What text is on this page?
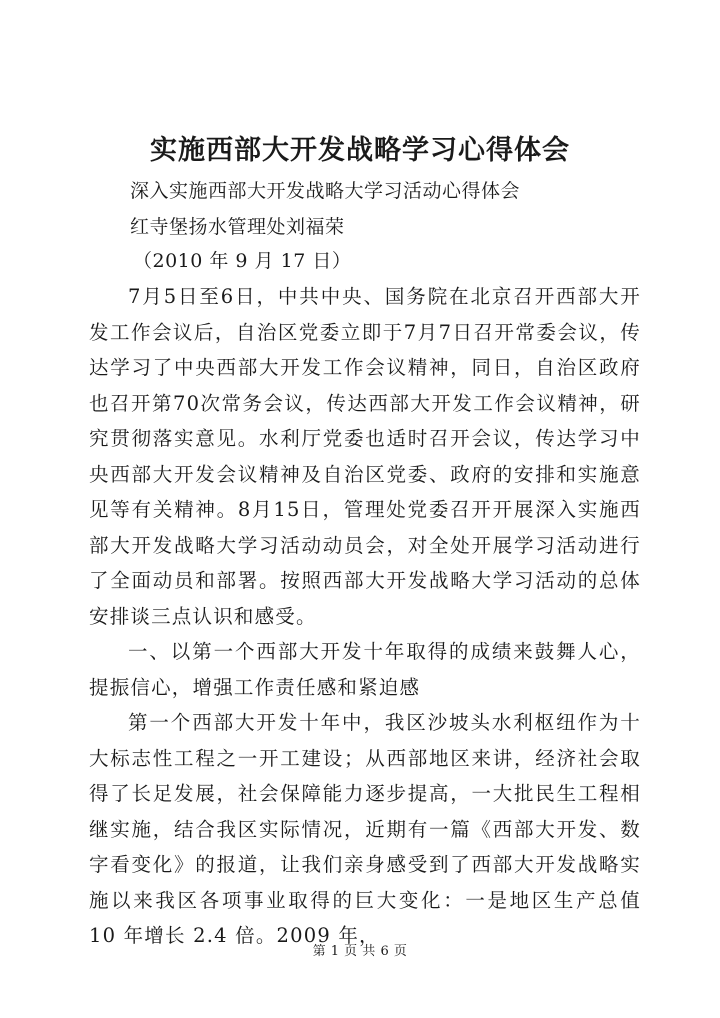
实施西部大开发战略学习心得体会
深入实施西部大开发战略大学习活动心得体会
红寺堡扬水管理处刘福荣
（2010 年 9 月 17 日）

7月5日至6日，中共中央、国务院在北京召开西部大开发工作会议后，自治区党委立即于7月7日召开常委会议，传达学习了中央西部大开发工作会议精神，同日，自治区政府也召开第70次常务会议，传达西部大开发工作会议精神，研究贯彻落实意见。水利厅党委也适时召开会议，传达学习中央西部大开发会议精神及自治区党委、政府的安排和实施意见等有关精神。8月15日，管理处党委召开开展深入实施西部大开发战略大学习活动动员会，对全处开展学习活动进行了全面动员和部署。按照西部大开发战略大学习活动的总体安排谈三点认识和感受。

一、以第一个西部大开发十年取得的成绩来鼓舞人心，提振信心，增强工作责任感和紧迫感

第一个西部大开发十年中，我区沙坡头水利枢纽作为十大标志性工程之一开工建设；从西部地区来讲，经济社会取得了长足发展，社会保障能力逐步提高，一大批民生工程相继实施，结合我区实际情况，近期有一篇《西部大开发、数字看变化》的报道，让我们亲身感受到了西部大开发战略实施以来我区各项事业取得的巨大变化：一是地区生产总值 10 年增长 2.4 倍。2009 年，

第 1 页 共 6 页
